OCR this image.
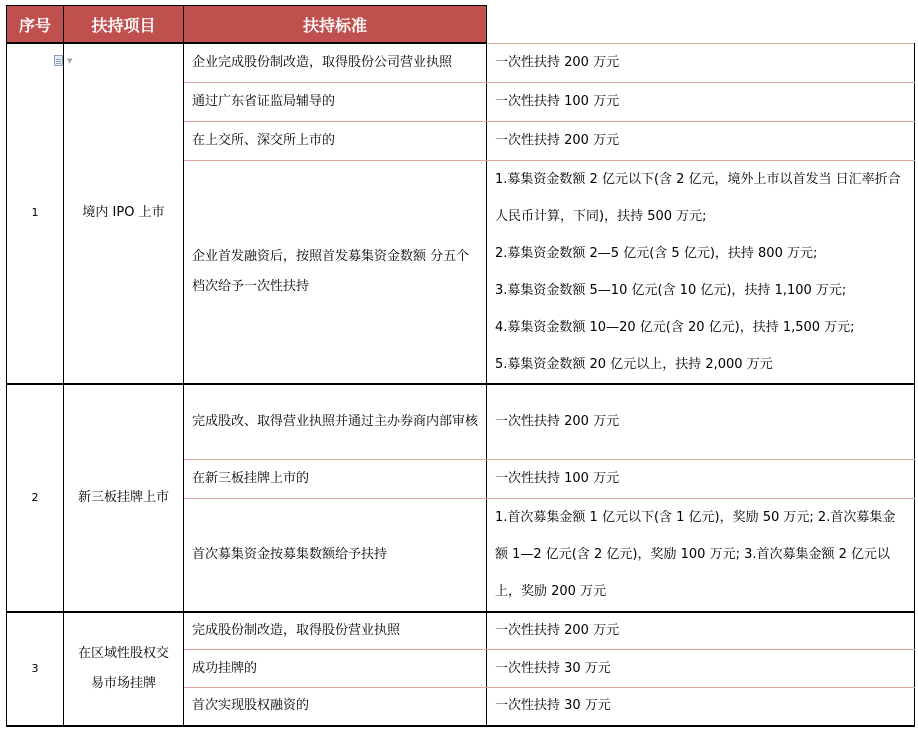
▼
序号	扶持项目	扶持标准
1	境内 IPO 上市	企业完成股份制改造，取得股份公司营业执照	一次性扶持 200 万元
		通过广东省证监局辅导的	一次性扶持 100 万元
		在上交所、深交所上市的	一次性扶持 200 万元
		企业首发融资后，按照首发募集资金数额 分五个档次给予一次性扶持	1.募集资金数额 2 亿元以下(含 2 亿元，境外上市以首发当 日汇率折合人民币计算，下同)，扶持 500 万元;
2.募集资金数额 2—5 亿元(含 5 亿元)，扶持 800 万元;
3.募集资金数额 5—10 亿元(含 10 亿元)，扶持 1,100 万元;
4.募集资金数额 10—20 亿元(含 20 亿元)，扶持 1,500 万元;
5.募集资金数额 20 亿元以上，扶持 2,000 万元

2	新三板挂牌上市	完成股改、取得营业执照并通过主办券商内部审核	一次性扶持 200 万元
		在新三板挂牌上市的	一次性扶持 100 万元
		首次募集资金按募集数额给予扶持	1.首次募集金额 1 亿元以下(含 1 亿元)，奖励 50 万元; 2.首次募集金额 1—2 亿元(含 2 亿元)，奖励 100 万元; 3.首次募集金额 2 亿元以上，奖励 200 万元
3	在区域性股权交易市场挂牌	完成股份制改造，取得股份营业执照	一次性扶持 200 万元
		成功挂牌的	一次性扶持 30 万元
		首次实现股权融资的	一次性扶持 30 万元
